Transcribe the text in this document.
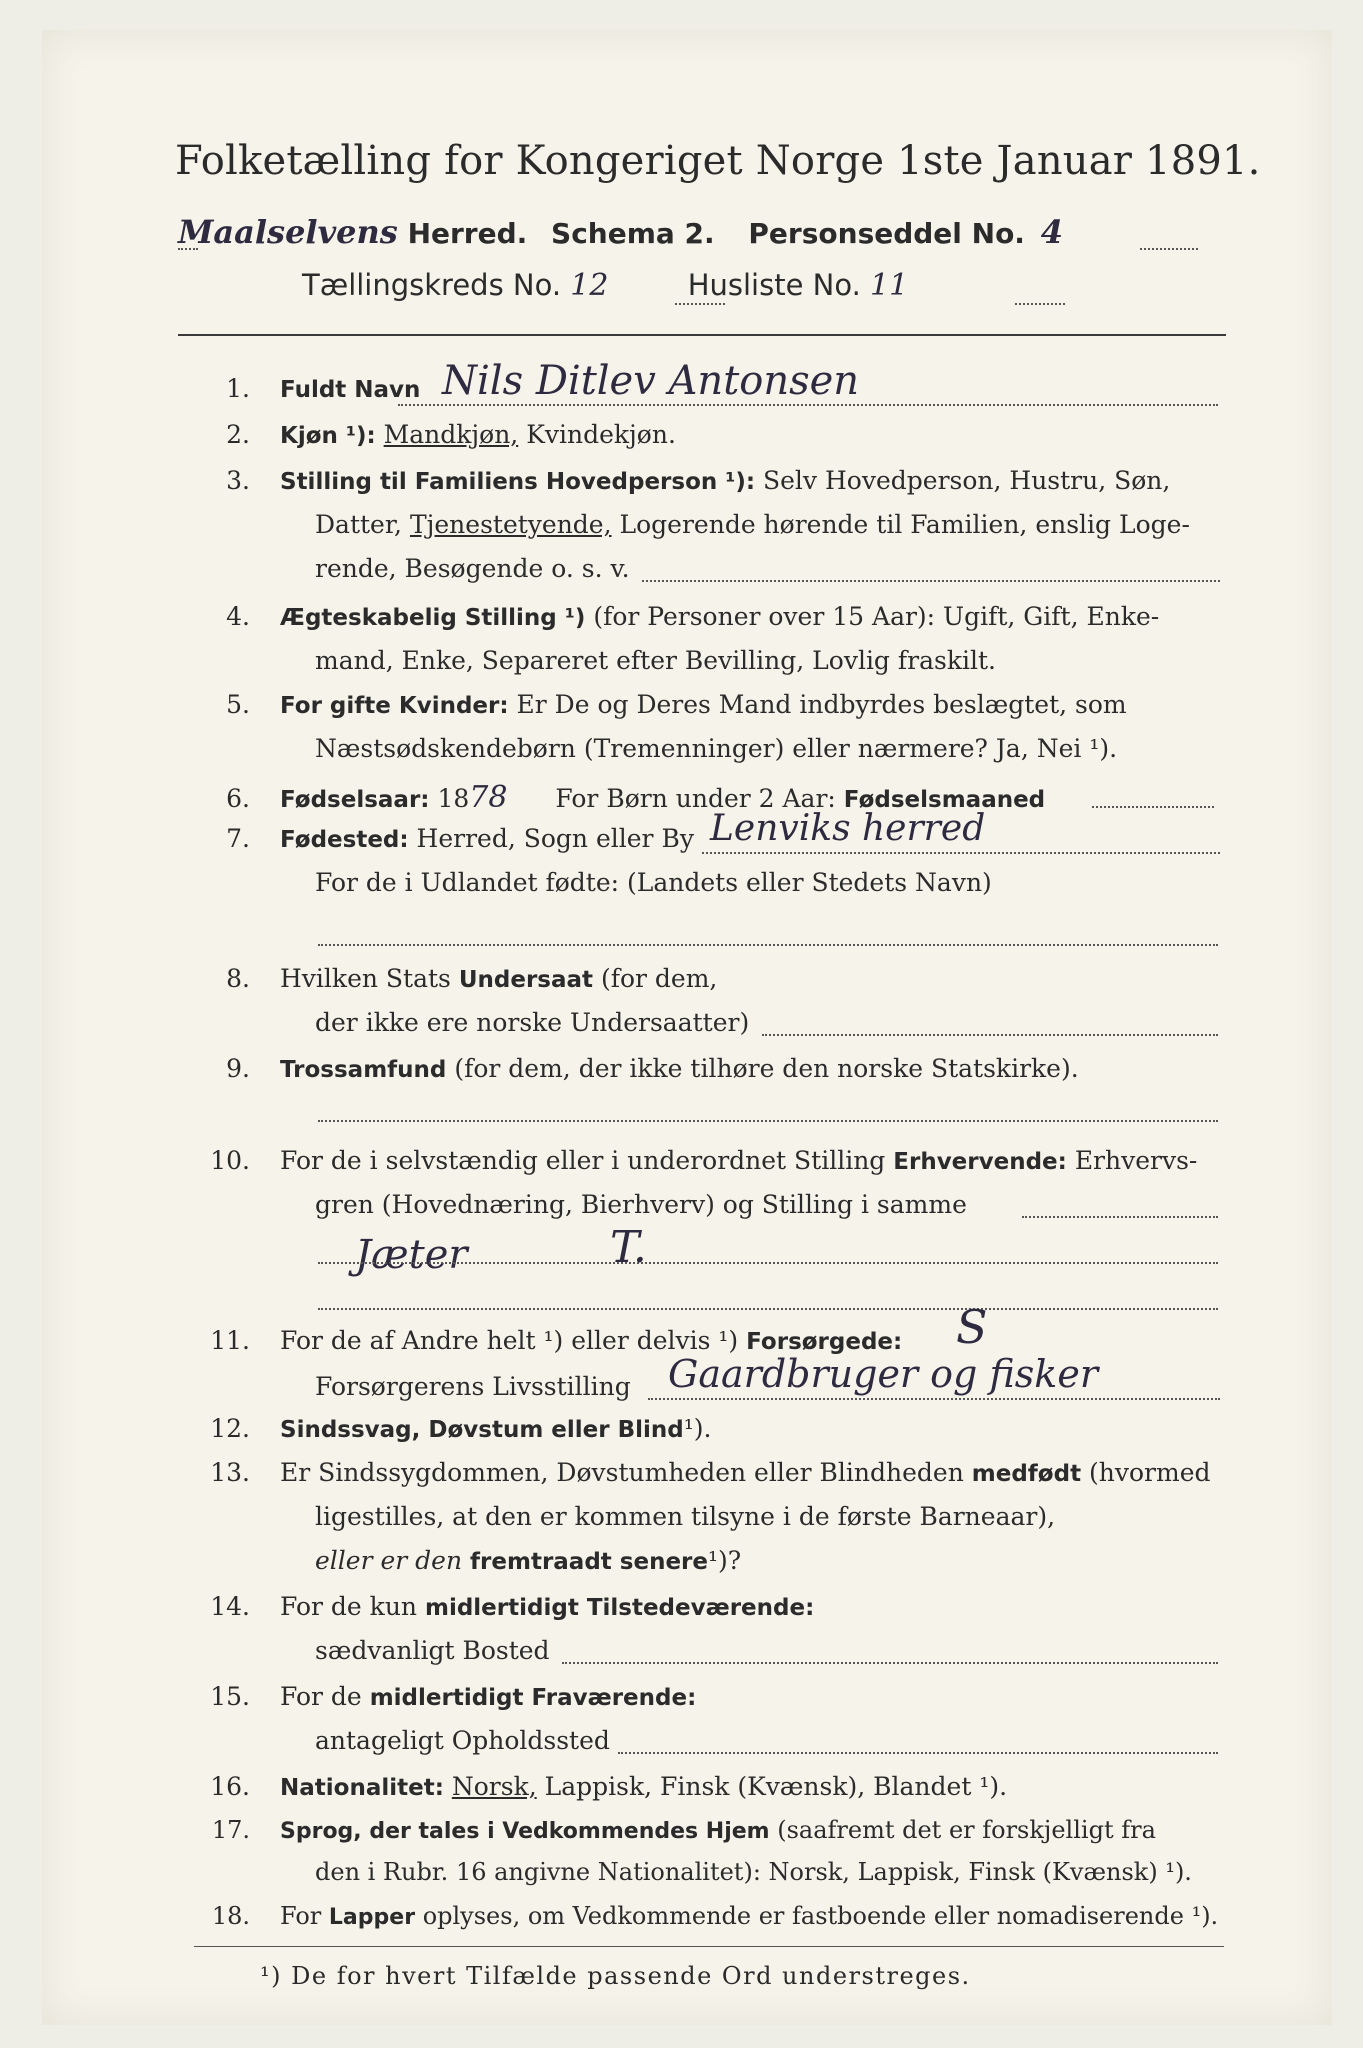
Folketælling for Kongeriget Norge 1ste Januar 1891.
Maalselvens Herred. Schema 2. Personseddel No. 4
Tællingskreds No. 12	Husliste No. 11
1. Fuldt Navn Nils Ditlev Antonsen
2. Kjøn ¹): Mandkjøn, Kvindekjøn.
3. Stilling til Familiens Hovedperson ¹): Selv Hovedperson, Hustru, Søn,
Datter, Tjenestetyende, Logerende hørende til Familien, enslig Loge-
rende, Besøgende o. s. v.
4. Ægteskabelig Stilling ¹) (for Personer over 15 Aar): Ugift, Gift, Enke-
mand, Enke, Separeret efter Bevilling, Lovlig fraskilt.
5. For gifte Kvinder: Er De og Deres Mand indbyrdes beslægtet, som
Næstsødskendebørn (Tremenninger) eller nærmere? Ja, Nei ¹).
6. Fødselsaar: 1878 For Børn under 2 Aar: Fødselsmaaned
7. Fødested: Herred, Sogn eller By Lenviks herred
For de i Udlandet fødte: (Landets eller Stedets Navn)
8. Hvilken Stats Undersaat (for dem,
der ikke ere norske Undersaatter)
9. Trossamfund (for dem, der ikke tilhøre den norske Statskirke).
10. For de i selvstændig eller i underordnet Stilling Erhvervende: Erhvervs-
gren (Hovednæring, Bierhverv) og Stilling i samme
Jæter	T.
11. For de af Andre helt ¹) eller delvis ¹) Forsørgede: S
Forsørgerens Livsstilling Gaardbruger og fisker
12. Sindssvag, Døvstum eller Blind¹).
13. Er Sindssygdommen, Døvstumheden eller Blindheden medfødt (hvormed
ligestilles, at den er kommen tilsyne i de første Barneaar),
eller er den fremtraadt senere¹)?
14. For de kun midlertidigt Tilstedeværende:
sædvanligt Bosted
15. For de midlertidigt Fraværende:
antageligt Opholdssted
16. Nationalitet: Norsk, Lappisk, Finsk (Kvænsk), Blandet ¹).
17. Sprog, der tales i Vedkommendes Hjem (saafremt det er forskjelligt fra
den i Rubr. 16 angivne Nationalitet): Norsk, Lappisk, Finsk (Kvænsk) ¹).
18. For Lapper oplyses, om Vedkommende er fastboende eller nomadiserende ¹).
¹) De for hvert Tilfælde passende Ord understreges.
